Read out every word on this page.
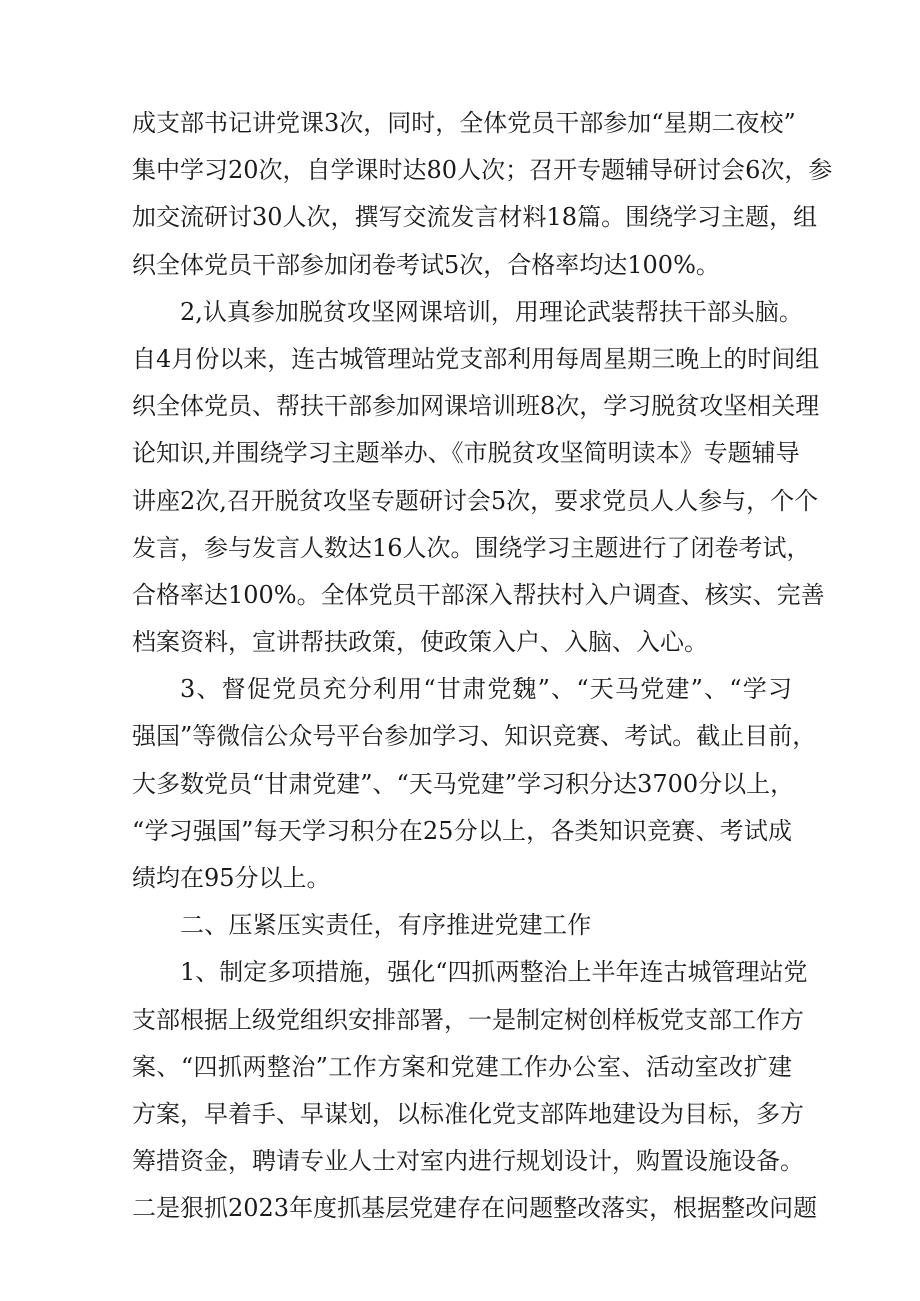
成支部书记讲党课3次，同时，全体党员干部参加“星期二夜校”
集中学习20次，自学课时达80人次；召开专题辅导研讨会6次，参
加交流研讨30人次，撰写交流发言材料18篇。围绕学习主题，组
织全体党员干部参加闭卷考试5次，合格率均达100%。
2,认真参加脱贫攻坚网课培训，用理论武装帮扶干部头脑。
自4月份以来，连古城管理站党支部利用每周星期三晚上的时间组
织全体党员、帮扶干部参加网课培训班8次，学习脱贫攻坚相关理
论知识,并围绕学习主题举办、《市脱贫攻坚简明读本》专题辅导
讲座2次,召开脱贫攻坚专题研讨会5次，要求党员人人参与，个个
发言，参与发言人数达16人次。围绕学习主题进行了闭卷考试，
合格率达100%。全体党员干部深入帮扶村入户调查、核实、完善
档案资料，宣讲帮扶政策，使政策入户、入脑、入心。
3、督促党员充分利用“甘肃党魏”、“天马党建”、“学习
强国”等微信公众号平台参加学习、知识竞赛、考试。截止目前，
大多数党员“甘肃党建”、“天马党建”学习积分达3700分以上，
“学习强国”每天学习积分在25分以上，各类知识竞赛、考试成
绩均在95分以上。
二、压紧压实责任，有序推进党建工作
1、制定多项措施，强化“四抓两整治上半年连古城管理站党
支部根据上级党组织安排部署，一是制定树创样板党支部工作方
案、“四抓两整治”工作方案和党建工作办公室、活动室改扩建
方案，早着手、早谋划，以标准化党支部阵地建设为目标，多方
筹措资金，聘请专业人士对室内进行规划设计，购置设施设备。
二是狠抓2023年度抓基层党建存在问题整改落实，根据整改问题
